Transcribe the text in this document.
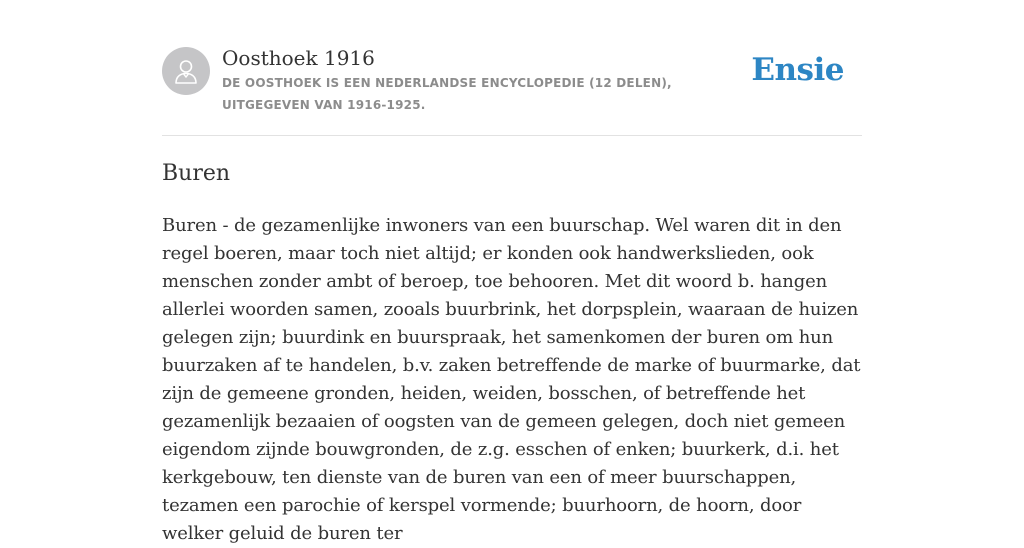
Oosthoek 1916
DE OOSTHOEK IS EEN NEDERLANDSE ENCYCLOPEDIE (12 DELEN), UITGEGEVEN VAN 1916-1925.
Ensie
Buren

Buren - de gezamenlijke inwoners van een buurschap. Wel waren dit in den regel boeren, maar toch niet altijd; er konden ook handwerkslieden, ook menschen zonder ambt of beroep, toe behooren. Met dit woord b. hangen allerlei woorden samen, zooals buurbrink, het dorpsplein, waaraan de huizen gelegen zijn; buurdink en buurspraak, het samenkomen der buren om hun buurzaken af te handelen, b.v. zaken betreffende de marke of buurmarke, dat zijn de gemeene gronden, heiden, weiden, bosschen, of betreffende het gezamenlijk bezaaien of oogsten van de gemeen gelegen, doch niet gemeen eigendom zijnde bouwgronden, de z.g. esschen of enken; buurkerk, d.i. het kerkgebouw, ten dienste van de buren van een of meer buurschappen, tezamen een parochie of kerspel vormende; buurhoorn, de hoorn, door welker geluid de buren ter
